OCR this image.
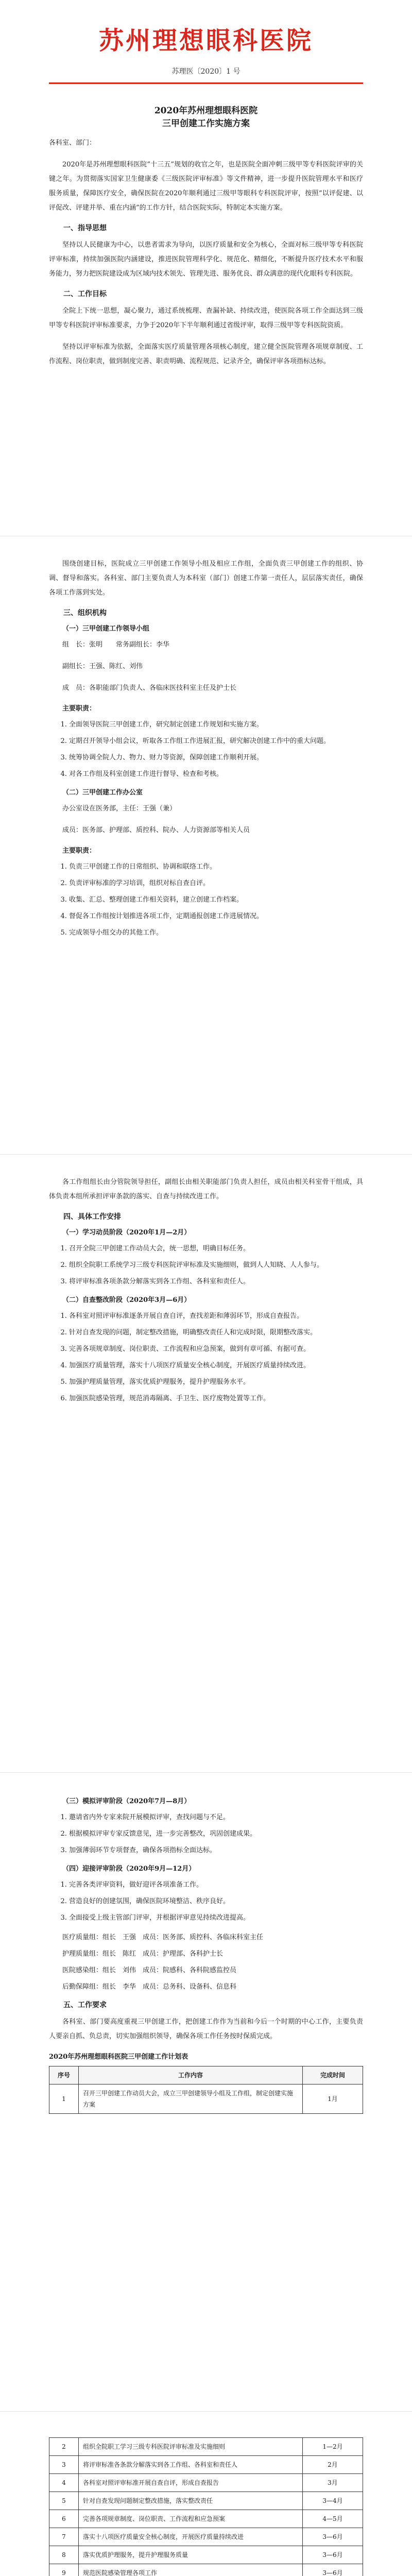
苏州理想眼科医院
苏理医〔2020〕1 号
2020年苏州理想眼科医院
三甲创建工作实施方案

各科室、部门：

2020年是苏州理想眼科医院“十三五”规划的收官之年，也是医院全面冲刺三级甲等专科医院评审的关键之年。为贯彻落实国家卫生健康委《三级医院评审标准》等文件精神，进一步提升医院管理水平和医疗服务质量，保障医疗安全，确保医院在2020年顺利通过三级甲等眼科专科医院评审，按照“以评促建、以评促改、评建并举、重在内涵”的工作方针，结合医院实际，特制定本实施方案。

一、指导思想

坚持以人民健康为中心，以患者需求为导向，以医疗质量和安全为核心，全面对标三级甲等专科医院评审标准，持续加强医院内涵建设，推进医院管理科学化、规范化、精细化，不断提升医疗技术水平和服务能力，努力把医院建设成为区域内技术领先、管理先进、服务优良、群众满意的现代化眼科专科医院。

二、工作目标

全院上下统一思想，凝心聚力，通过系统梳理、查漏补缺、持续改进，使医院各项工作全面达到三级甲等专科医院评审标准要求，力争于2020年下半年顺利通过省级评审，取得三级甲等专科医院资质。

坚持以评审标准为依据，全面落实医疗质量管理各项核心制度，建立健全医院管理各项规章制度、工作流程、岗位职责，做到制度完善、职责明确、流程规范、记录齐全，确保评审各项指标达标。

围绕创建目标，医院成立三甲创建工作领导小组及相应工作组，全面负责三甲创建工作的组织、协调、督导和落实。各科室、部门主要负责人为本科室（部门）创建工作第一责任人，层层落实责任，确保各项工作落到实处。

三、组织机构
（一）三甲创建工作领导小组

组　长：张明　　常务副组长：李华

副组长：王强、陈红、刘伟

成　员：各职能部门负责人、各临床医技科室主任及护士长

主要职责：
1. 全面领导医院三甲创建工作，研究制定创建工作规划和实施方案。
2. 定期召开领导小组会议，听取各工作组工作进展汇报，研究解决创建工作中的重大问题。
3. 统筹协调全院人力、物力、财力等资源，保障创建工作顺利开展。
4. 对各工作组及科室创建工作进行督导、检查和考核。
（二）三甲创建工作办公室

办公室设在医务部，主任：王强（兼）

成员：医务部、护理部、质控科、院办、人力资源部等相关人员

主要职责：
1. 负责三甲创建工作的日常组织、协调和联络工作。
2. 负责评审标准的学习培训，组织对标自查自评。
3. 收集、汇总、整理创建工作相关资料，建立创建工作档案。
4. 督促各工作组按计划推进各项工作，定期通报创建工作进展情况。
5. 完成领导小组交办的其他工作。

各工作组组长由分管院领导担任，副组长由相关职能部门负责人担任，成员由相关科室骨干组成，具体负责本组所承担评审条款的落实、自查与持续改进工作。

四、具体工作安排
（一）学习动员阶段（2020年1月—2月）
1. 召开全院三甲创建工作动员大会，统一思想，明确目标任务。
2. 组织全院职工系统学习三级专科医院评审标准及实施细则，做到人人知晓、人人参与。
3. 将评审标准各项条款分解落实到各工作组、各科室和责任人。
（二）自查整改阶段（2020年3月—6月）
1. 各科室对照评审标准逐条开展自查自评，查找差距和薄弱环节，形成自查报告。
2. 针对自查发现的问题，制定整改措施，明确整改责任人和完成时限，限期整改落实。
3. 完善各项规章制度、岗位职责、工作流程和应急预案，做到有章可循、有据可查。
4. 加强医疗质量管理，落实十八项医疗质量安全核心制度，开展医疗质量持续改进。
5. 加强护理质量管理，落实优质护理服务，提升护理服务水平。
6. 加强医院感染管理，规范消毒隔离、手卫生、医疗废物处置等工作。
（三）模拟评审阶段（2020年7月—8月）
1. 邀请省内外专家来院开展模拟评审，查找问题与不足。
2. 根据模拟评审专家反馈意见，进一步完善整改，巩固创建成果。
3. 加强薄弱环节专项督查，确保各项指标全面达标。
（四）迎接评审阶段（2020年9月—12月）
1. 完善各类评审资料，做好迎评各项准备工作。
2. 营造良好的创建氛围，确保医院环境整洁、秩序良好。
3. 全面接受上级主管部门评审，并根据评审意见持续改进提高。
医疗质量组：组长　王强　成员：医务部、质控科、各临床科室主任
护理质量组：组长　陈红　成员：护理部、各科护士长
医院感染组：组长　刘伟　成员：院感科、各科院感监控员
后勤保障组：组长　李华　成员：总务科、设备科、信息科
五、工作要求

各科室、部门要高度重视三甲创建工作，把创建工作作为当前和今后一个时期的中心工作，主要负责人要亲自抓、负总责，切实加强组织领导，确保各项工作任务按时保质完成。

2020年苏州理想眼科医院三甲创建工作计划表
序号	工作内容	完成时间
1	召开三甲创建工作动员大会，成立三甲创建领导小组及工作组，制定创建实施方案	1月
2	组织全院职工学习三级专科医院评审标准及实施细则	1—2月
3	将评审标准各条款分解落实到各工作组、各科室和责任人	2月
4	各科室对照评审标准开展自查自评，形成自查报告	3月
5	针对自查发现问题制定整改措施，落实整改责任	3—4月
6	完善各项规章制度、岗位职责、工作流程和应急预案	4—5月
7	落实十八项医疗质量安全核心制度，开展医疗质量持续改进	3—6月
8	落实优质护理服务，提升护理服务质量	3—6月
9	规范医院感染管理各项工作	3—6月
